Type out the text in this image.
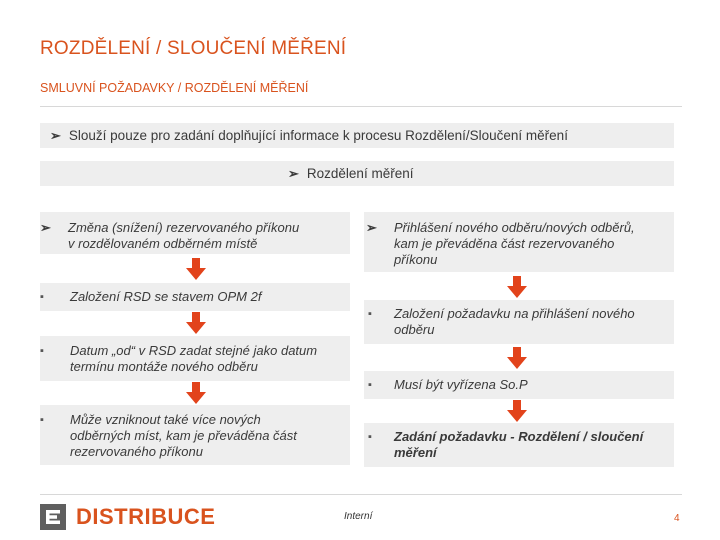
ROZDĚLENÍ / SLOUČENÍ MĚŘENÍ
SMLUVNÍ POŽADAVKY / ROZDĚLENÍ MĚŘENÍ
➢ Slouží pouze pro zadání doplňující informace k procesu Rozdělení/Sloučení měření
➢ Rozdělení měření
➢ Změna (snížení) rezervovaného příkonu
v rozdělovaném odběrném místě
▪ Založení RSD se stavem OPM 2f
▪ Datum „od“ v RSD zadat stejné jako datum
termínu montáže nového odběru
▪ Může vzniknout také více nových
odběrných míst, kam je převáděna část
rezervovaného příkonu
➢ Přihlášení nového odběru/nových odběrů,
kam je převáděna část rezervovaného
příkonu
▪ Založení požadavku na přihlášení nového
odběru
▪ Musí být vyřízena So.P
▪ Zadání požadavku - Rozdělení / sloučení
měření
DISTRIBUCE	Interní	4
